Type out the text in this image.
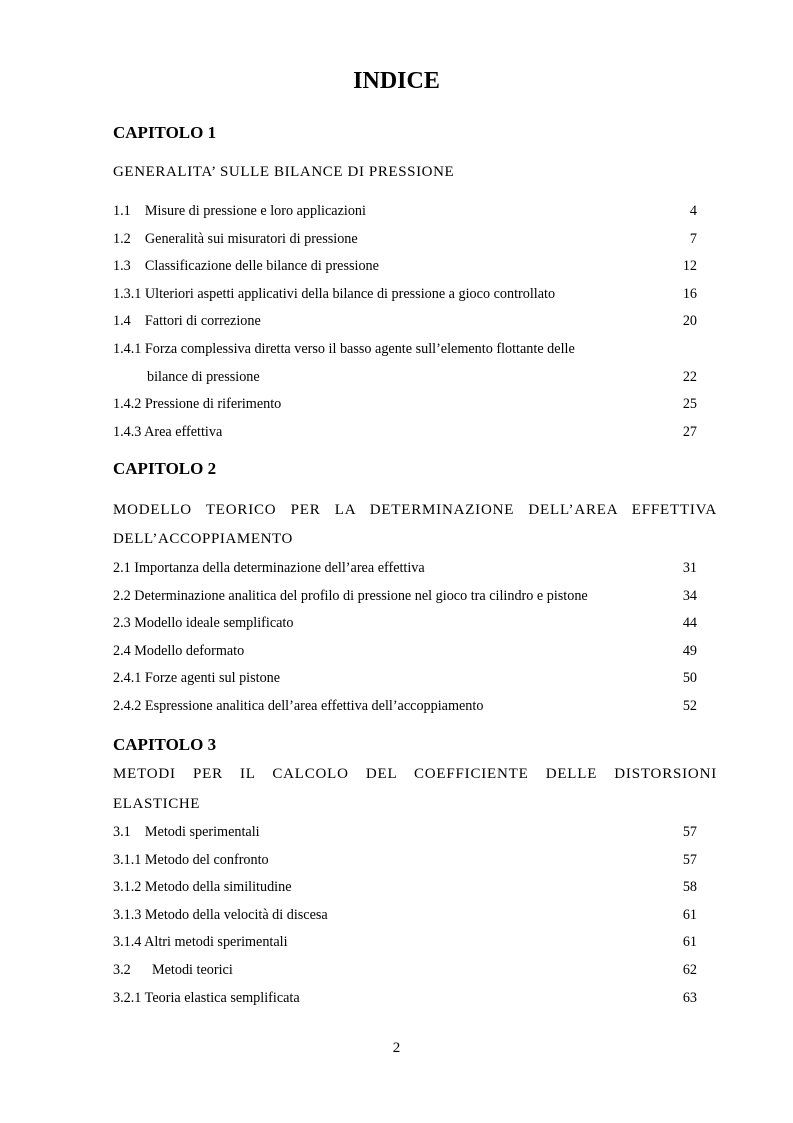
INDICE
CAPITOLO 1
GENERALITA’ SULLE BILANCE DI PRESSIONE
1.1    Misure di pressione e loro applicazioni	4
1.2    Generalità sui misuratori di pressione	7
1.3    Classificazione delle bilance di pressione	12
1.3.1 Ulteriori aspetti applicativi della bilance di pressione a gioco controllato	16
1.4    Fattori di correzione	20
1.4.1 Forza complessiva diretta verso il basso agente sull’elemento flottante delle
bilance di pressione	22
1.4.2 Pressione di riferimento	25
1.4.3 Area effettiva	27
CAPITOLO 2
MODELLO TEORICO PER LA DETERMINAZIONE DELL’AREA EFFETTIVA
DELL’ACCOPPIAMENTO
2.1 Importanza della determinazione dell’area effettiva	31
2.2 Determinazione analitica del profilo di pressione nel gioco tra cilindro e pistone	34
2.3 Modello ideale semplificato	44
2.4 Modello deformato	49
2.4.1 Forze agenti sul pistone	50
2.4.2 Espressione analitica dell’area effettiva dell’accoppiamento	52
CAPITOLO 3
METODI PER IL CALCOLO DEL COEFFICIENTE DELLE DISTORSIONI
ELASTICHE
3.1    Metodi sperimentali	57
3.1.1 Metodo del confronto	57
3.1.2 Metodo della similitudine	58
3.1.3 Metodo della velocità di discesa	61
3.1.4 Altri metodi sperimentali	61
3.2      Metodi teorici	62
3.2.1 Teoria elastica semplificata	63
2
